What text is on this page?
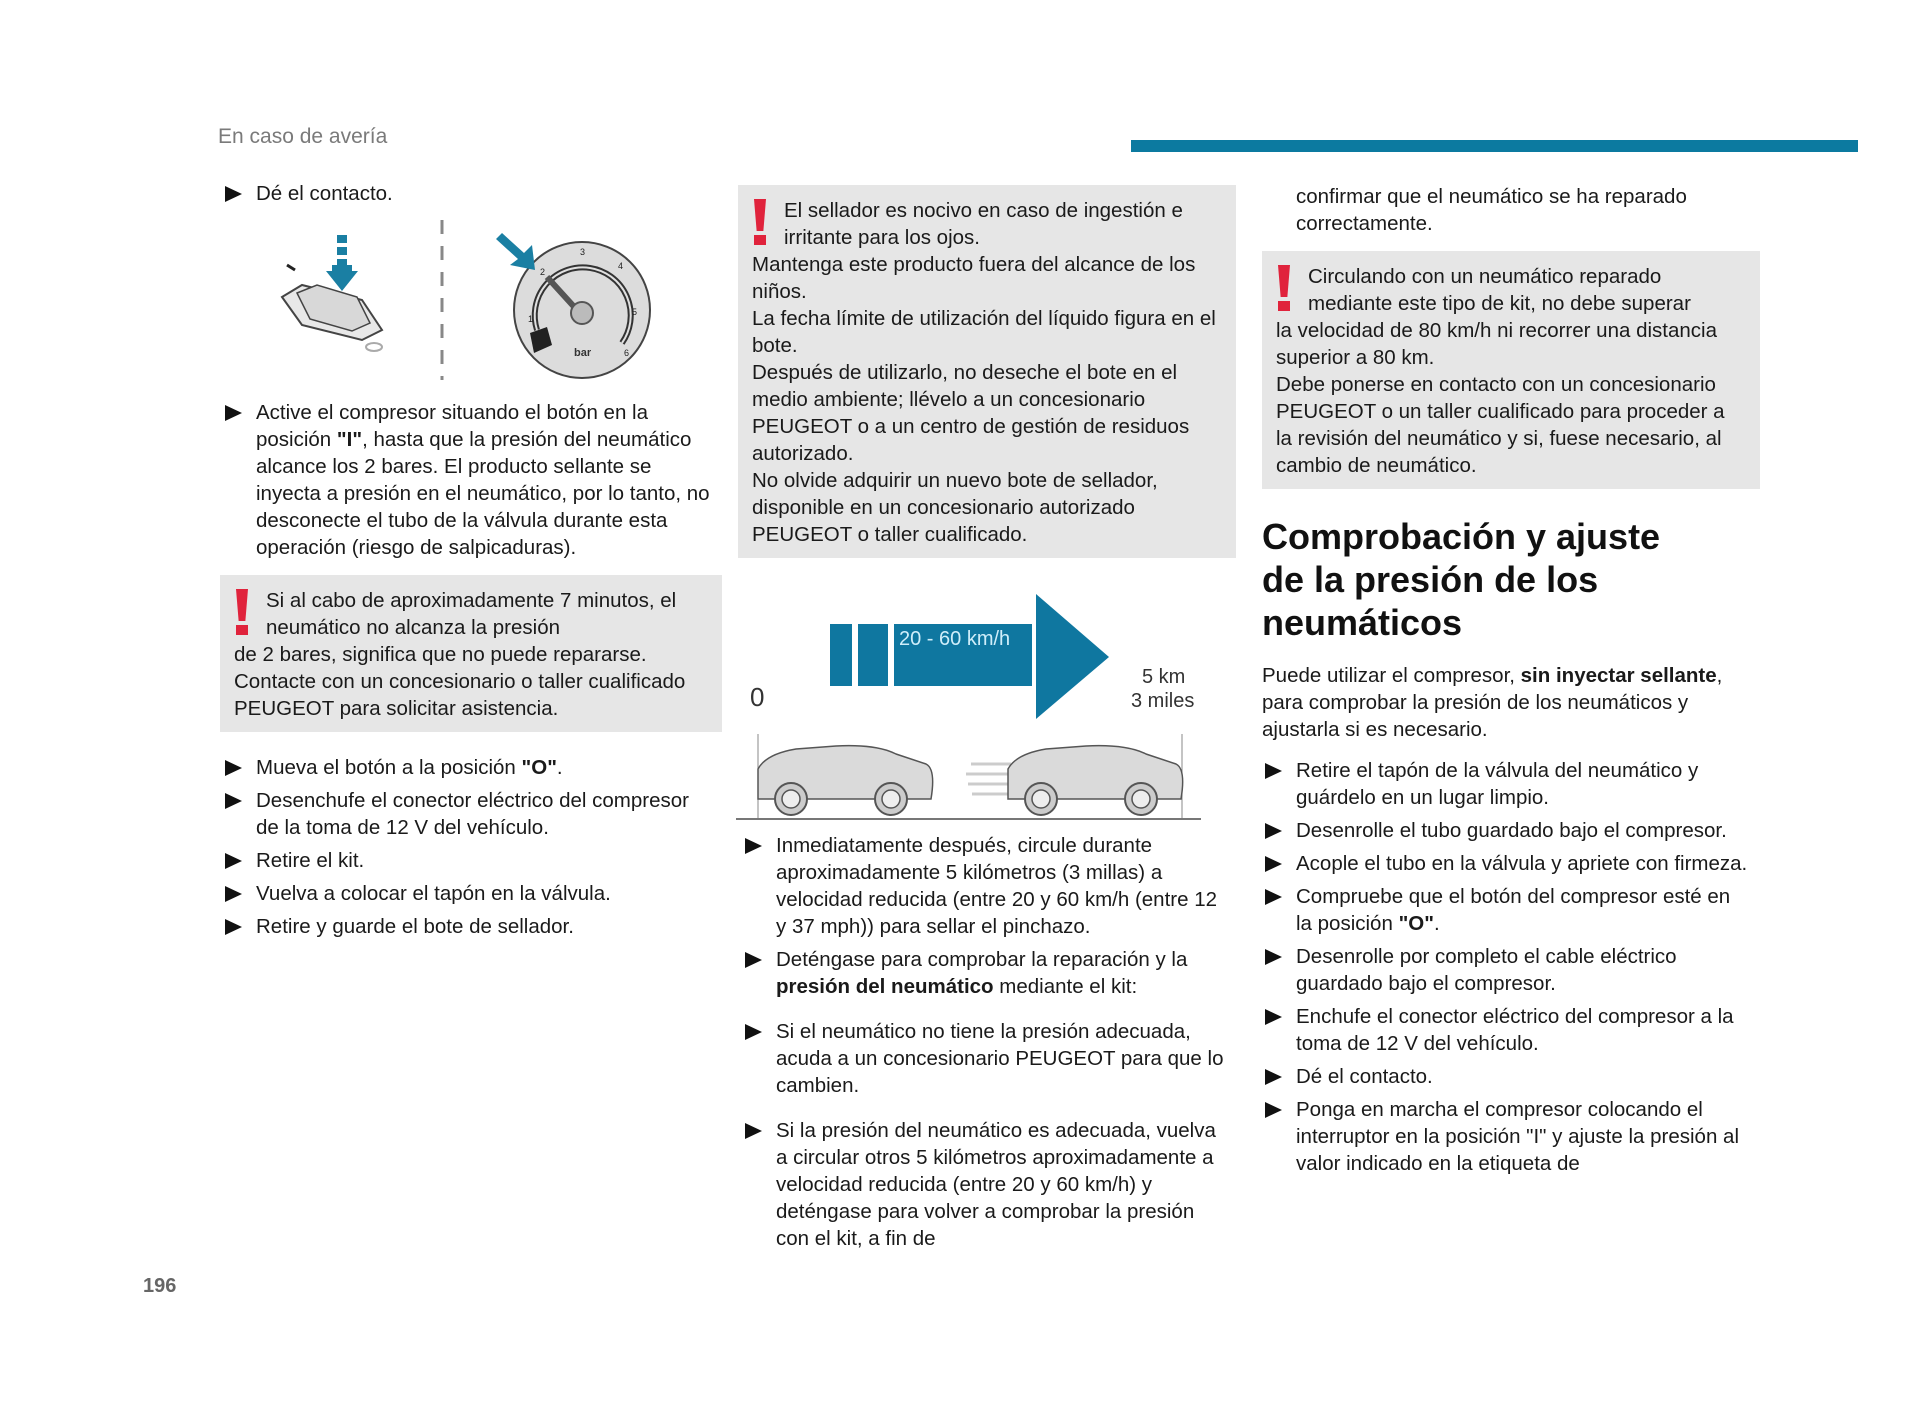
En caso de avería
Dé el contacto.
1
2
3
4
5
6
bar
Active el compresor situando el botón en la posición "I", hasta que la presión del neumático alcance los 2 bares. El producto sellante se inyecta a presión en el neumático, por lo tanto, no desconecte el tubo de la válvula durante esta operación (riesgo de salpicaduras).
Si al cabo de aproximadamente 7 minutos, el neumático no alcanza la presión
de 2 bares, significa que no puede repararse. Contacte con un concesionario o taller cualificado PEUGEOT para solicitar asistencia.
Mueva el botón a la posición "O".
Desenchufe el conector eléctrico del compresor de la toma de 12 V del vehículo.
Retire el kit.
Vuelva a colocar el tapón en la válvula.
Retire y guarde el bote de sellador.
El sellador es nocivo en caso de ingestión e irritante para los ojos.
Mantenga este producto fuera del alcance de los niños.
La fecha límite de utilización del líquido figura en el bote.
Después de utilizarlo, no deseche el bote en el medio ambiente; llévelo a un concesionario PEUGEOT o a un centro de gestión de residuos autorizado.
No olvide adquirir un nuevo bote de sellador, disponible en un concesionario autorizado PEUGEOT o taller cualificado.
20 - 60 km/h
0
5 km
3 miles
Inmediatamente después, circule durante aproximadamente 5 kilómetros (3 millas) a velocidad reducida (entre 20 y 60 km/h (entre 12 y 37 mph)) para sellar el pinchazo.
Deténgase para comprobar la reparación y la presión del neumático mediante el kit:
Si el neumático no tiene la presión adecuada, acuda a un concesionario PEUGEOT para que lo cambien.
Si la presión del neumático es adecuada, vuelva a circular otros 5 kilómetros aproximadamente a velocidad reducida (entre 20 y 60 km/h) y deténgase para volver a comprobar la presión con el kit, a fin de
confirmar que el neumático se ha reparado correctamente.
Circulando con un neumático reparado mediante este tipo de kit, no debe superar
la velocidad de 80 km/h ni recorrer una distancia superior a 80 km.
Debe ponerse en contacto con un concesionario PEUGEOT o un taller cualificado para proceder a la revisión del neumático y si, fuese necesario, al cambio de neumático.
Comprobación y ajuste de la presión de los neumáticos
Puede utilizar el compresor, sin inyectar sellante, para comprobar la presión de los neumáticos y ajustarla si es necesario.
Retire el tapón de la válvula del neumático y guárdelo en un lugar limpio.
Desenrolle el tubo guardado bajo el compresor.
Acople el tubo en la válvula y apriete con firmeza.
Compruebe que el botón del compresor esté en la posición "O".
Desenrolle por completo el cable eléctrico guardado bajo el compresor.
Enchufe el conector eléctrico del compresor a la toma de 12 V del vehículo.
Dé el contacto.
Ponga en marcha el compresor colocando el interruptor en la posición "I" y ajuste la presión al valor indicado en la etiqueta de
196
